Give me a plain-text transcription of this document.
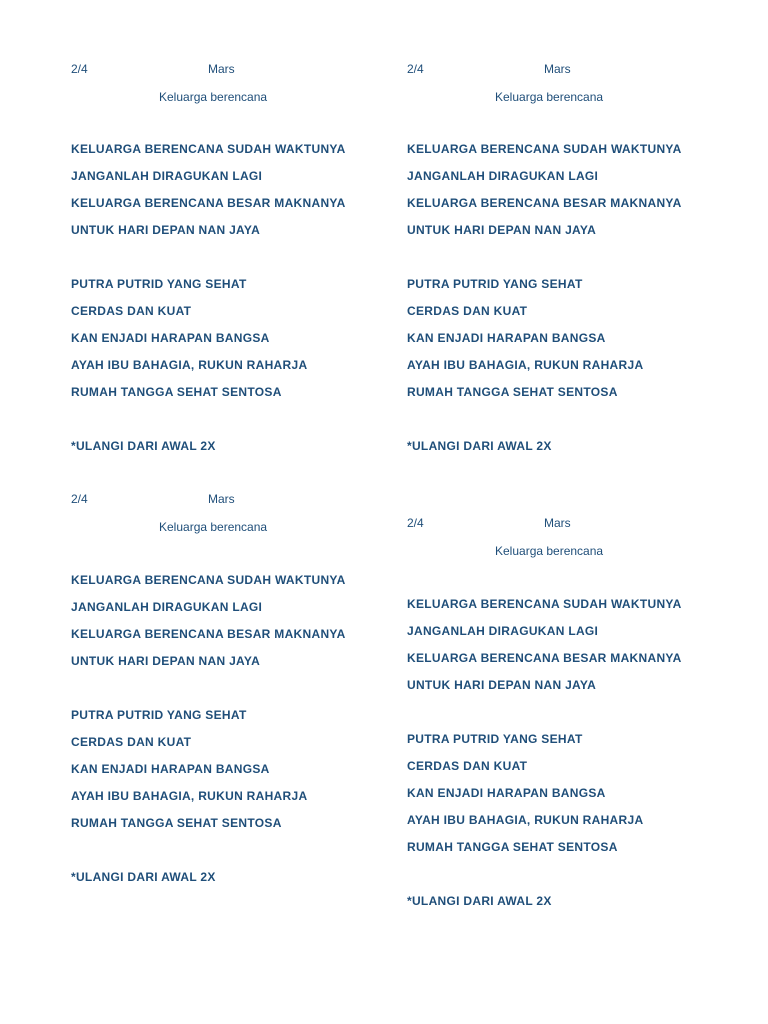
2/4	Mars
Keluarga berencana
KELUARGA BERENCANA SUDAH WAKTUNYA
JANGANLAH DIRAGUKAN LAGI
KELUARGA BERENCANA BESAR MAKNANYA
UNTUK HARI DEPAN NAN JAYA
PUTRA PUTRID YANG SEHAT
CERDAS DAN KUAT
KAN ENJADI HARAPAN BANGSA
AYAH IBU BAHAGIA, RUKUN RAHARJA
RUMAH TANGGA SEHAT SENTOSA
*ULANGI DARI AWAL 2X
2/4	Mars
Keluarga berencana
KELUARGA BERENCANA SUDAH WAKTUNYA
JANGANLAH DIRAGUKAN LAGI
KELUARGA BERENCANA BESAR MAKNANYA
UNTUK HARI DEPAN NAN JAYA
PUTRA PUTRID YANG SEHAT
CERDAS DAN KUAT
KAN ENJADI HARAPAN BANGSA
AYAH IBU BAHAGIA, RUKUN RAHARJA
RUMAH TANGGA SEHAT SENTOSA
*ULANGI DARI AWAL 2X
2/4	Mars
Keluarga berencana
KELUARGA BERENCANA SUDAH WAKTUNYA
JANGANLAH DIRAGUKAN LAGI
KELUARGA BERENCANA BESAR MAKNANYA
UNTUK HARI DEPAN NAN JAYA
PUTRA PUTRID YANG SEHAT
CERDAS DAN KUAT
KAN ENJADI HARAPAN BANGSA
AYAH IBU BAHAGIA, RUKUN RAHARJA
RUMAH TANGGA SEHAT SENTOSA
*ULANGI DARI AWAL 2X
2/4	Mars
Keluarga berencana
KELUARGA BERENCANA SUDAH WAKTUNYA
JANGANLAH DIRAGUKAN LAGI
KELUARGA BERENCANA BESAR MAKNANYA
UNTUK HARI DEPAN NAN JAYA
PUTRA PUTRID YANG SEHAT
CERDAS DAN KUAT
KAN ENJADI HARAPAN BANGSA
AYAH IBU BAHAGIA, RUKUN RAHARJA
RUMAH TANGGA SEHAT SENTOSA
*ULANGI DARI AWAL 2X
